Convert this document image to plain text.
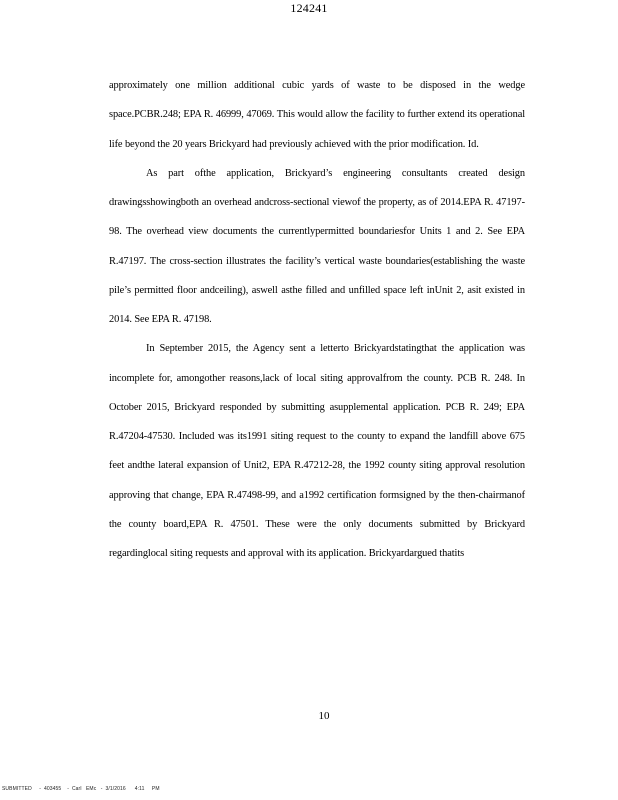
124241

approximately one million additional cubic yards of waste to be disposed in the wedge space.PCBR.248; EPA R. 46999, 47069. This would allow the facility to further extend its operational life beyond the 20 years Brickyard had previously achieved with the prior modification. Id.

As part ofthe application, Brickyard’s engineering consultants created design drawingsshowingboth an overhead andcross-sectional viewof the property, as of 2014.EPA R. 47197-98. The overhead view documents the currentlypermitted boundariesfor Units 1 and 2. See EPA R.47197. The cross-section illustrates the facility’s vertical waste boundaries(establishing the waste pile’s permitted floor andceiling), aswell asthe filled and unfilled space left inUnit 2, asit existed in 2014. See EPA R. 47198.

In September 2015, the Agency sent a letterto Brickyardstatingthat the application was incomplete for, amongother reasons,lack of local siting approvalfrom the county. PCB R. 248. In October 2015, Brickyard responded by submitting asupplemental application. PCB R. 249; EPA R.47204-47530. Included was its1991 siting request to the county to expand the landfill above 675 feet andthe lateral expansion of Unit2, EPA R.47212-28, the 1992 county siting approval resolution approving that change, EPA R.47498-99, and a1992 certification formsigned by the then-chairmanof the county board,EPA R. 47501. These were the only documents submitted by Brickyard regardinglocal siting requests and approval with its application. Brickyardargued thatits

10
SUBMITTED     -  403455    -  Carl   EMc   -  3/1/2016      4:11     PM
